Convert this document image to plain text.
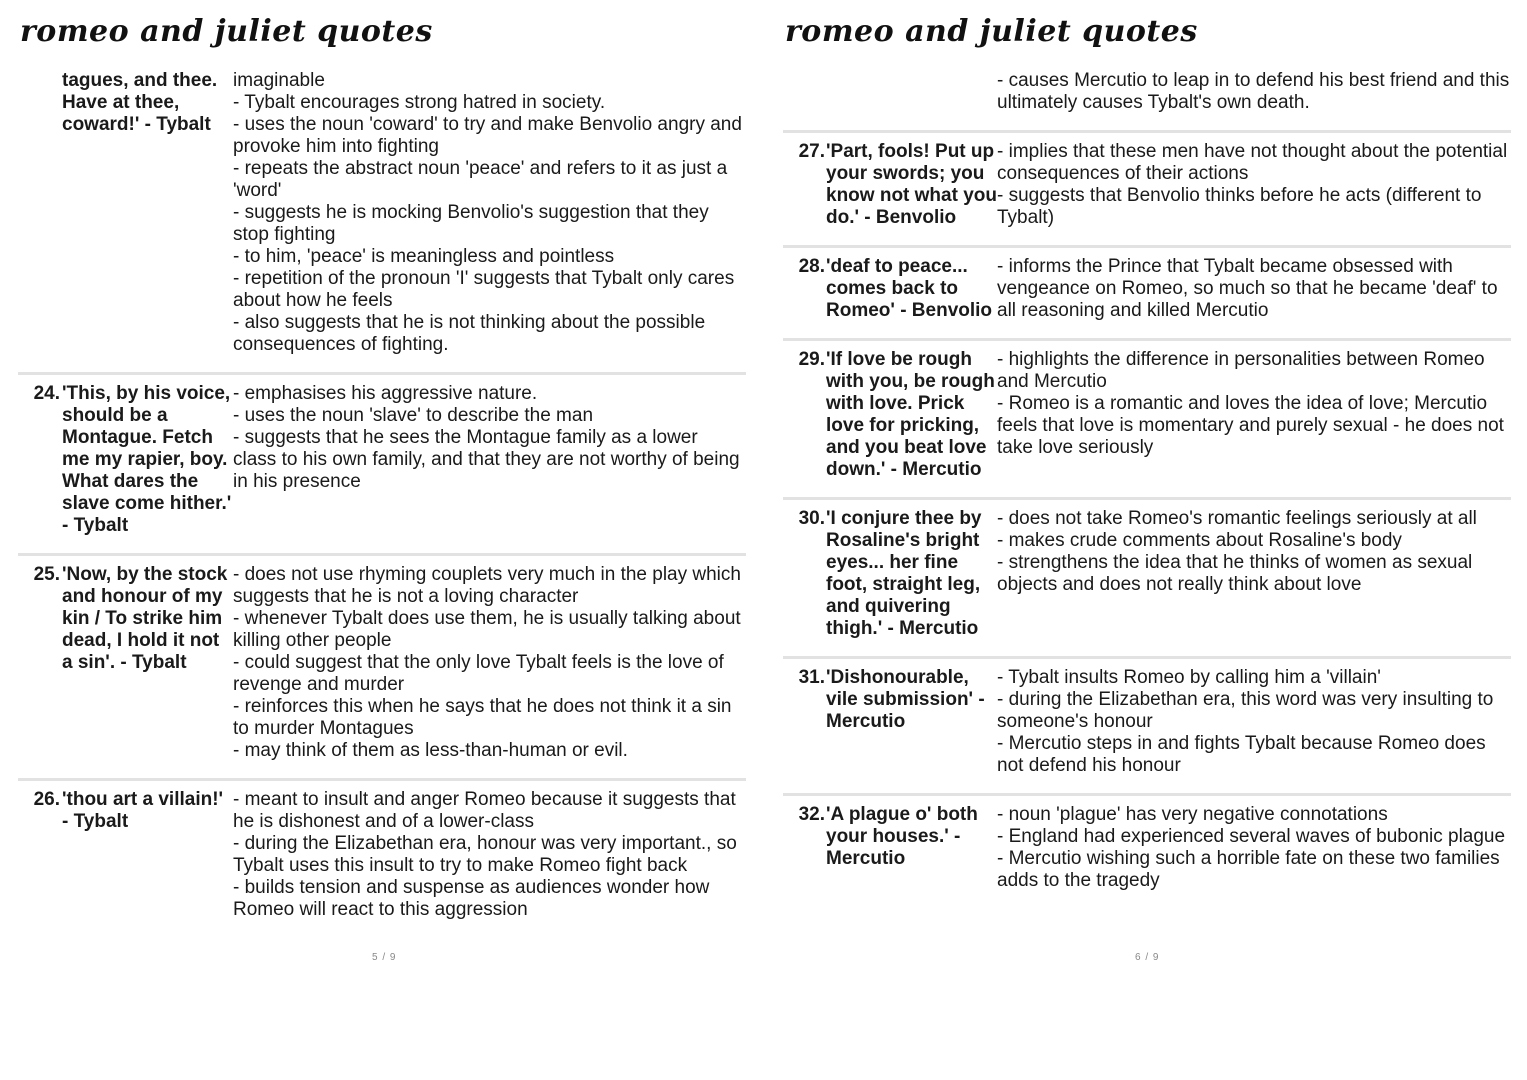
romeo and juliet quotes
tagues, and thee. Have at thee, coward!' - Tybalt
imaginable
- Tybalt encourages strong hatred in society.
- uses the noun 'coward' to try and make Benvolio angry and provoke him into fighting
- repeats the abstract noun 'peace' and refers to it as just a 'word'
- suggests he is mocking Benvolio's suggestion that they stop fighting
- to him, 'peace' is meaningless and pointless
- repetition of the pronoun 'I' suggests that Tybalt only cares about how he feels
- also suggests that he is not thinking about the possible consequences of fighting.
24. 'This, by his voice, should be a Montague. Fetch me my rapier, boy. What dares the slave come hither.' - Tybalt
- emphasises his aggressive nature.
- uses the noun 'slave' to describe the man
- suggests that he sees the Montague family as a lower class to his own family, and that they are not worthy of being in his presence
25. 'Now, by the stock and honour of my kin / To strike him dead, I hold it not a sin'. - Tybalt
- does not use rhyming couplets very much in the play which suggests that he is not a loving character
- whenever Tybalt does use them, he is usually talking about killing other people
- could suggest that the only love Tybalt feels is the love of revenge and murder
- reinforces this when he says that he does not think it a sin to murder Montagues
- may think of them as less-than-human or evil.
26. 'thou art a villain!' - Tybalt
- meant to insult and anger Romeo because it suggests that he is dishonest and of a lower-class
- during the Elizabethan era, honour was very important., so Tybalt uses this insult to try to make Romeo fight back
- builds tension and suspense as audiences wonder how Romeo will react to this aggression
5 / 9
romeo and juliet quotes
- causes Mercutio to leap in to defend his best friend and this ultimately causes Tybalt's own death.
27. 'Part, fools! Put up your swords; you know not what you do.' - Benvolio
- implies that these men have not thought about the potential consequences of their actions
- suggests that Benvolio thinks before he acts (different to Tybalt)
28. 'deaf to peace... comes back to Romeo' - Benvolio
- informs the Prince that Tybalt became obsessed with vengeance on Romeo, so much so that he became 'deaf' to all reasoning and killed Mercutio
29. 'If love be rough with you, be rough with love. Prick love for pricking, and you beat love down.' - Mercutio
- highlights the difference in personalities between Romeo and Mercutio
- Romeo is a romantic and loves the idea of love; Mercutio feels that love is momentary and purely sexual - he does not take love seriously
30. 'I conjure thee by Rosaline's bright eyes... her fine foot, straight leg, and quivering thigh.' - Mercutio
- does not take Romeo's romantic feelings seriously at all
- makes crude comments about Rosaline's body
- strengthens the idea that he thinks of women as sexual objects and does not really think about love
31. 'Dishonourable, vile submission' - Mercutio
- Tybalt insults Romeo by calling him a 'villain'
- during the Elizabethan era, this word was very insulting to someone's honour
- Mercutio steps in and fights Tybalt because Romeo does not defend his honour
32. 'A plague o' both your houses.' - Mercutio
- noun 'plague' has very negative connotations
- England had experienced several waves of bubonic plague
- Mercutio wishing such a horrible fate on these two families adds to the tragedy
6 / 9
